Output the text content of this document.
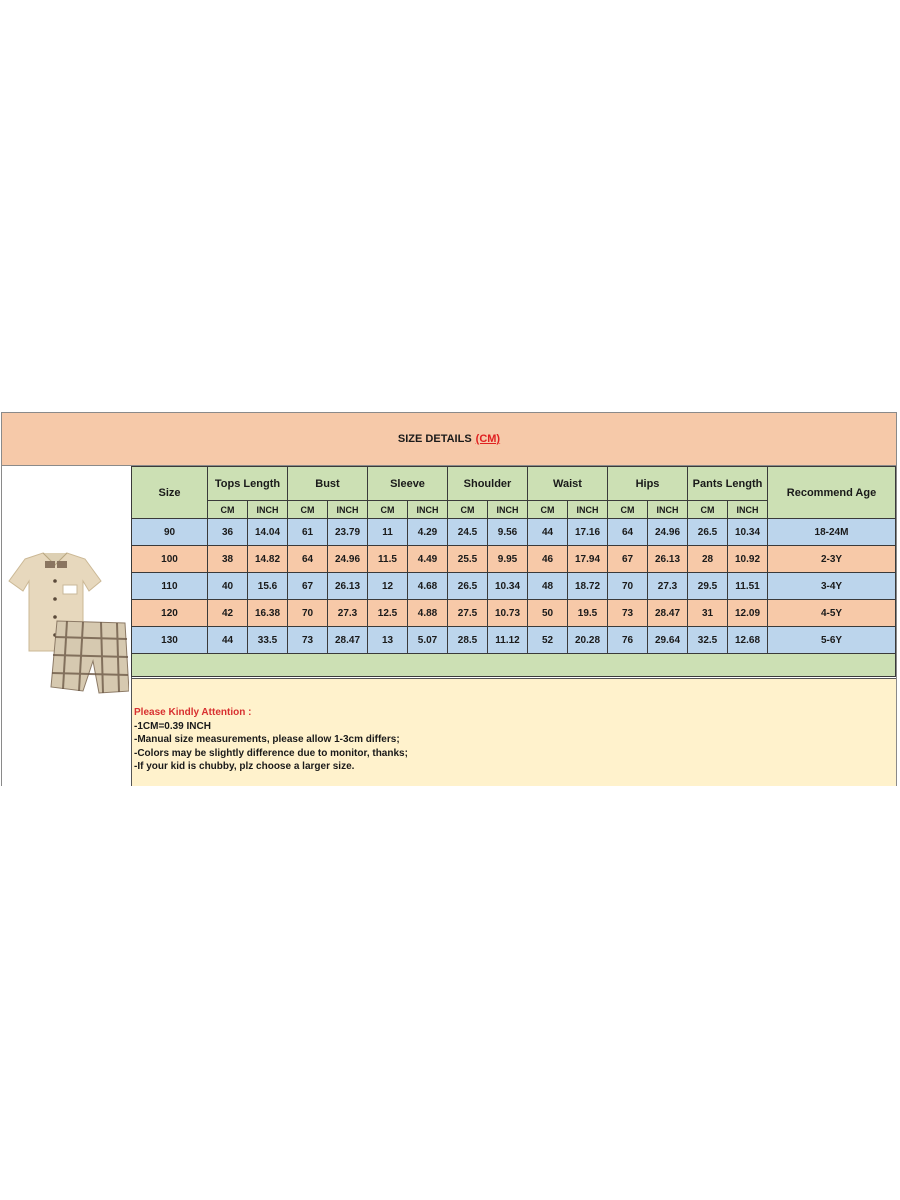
SIZE DETAILS (CM)
Size	Tops Length		Bust		Sleeve		Shoulder		Waist		Hips		Pants Length		Recommend Age
	CM	INCH	CM	INCH	CM	INCH	CM	INCH	CM	INCH	CM	INCH	CM	INCH	
90	36	14.04	61	23.79	11	4.29	24.5	9.56	44	17.16	64	24.96	26.5	10.34	18-24M
100	38	14.82	64	24.96	11.5	4.49	25.5	9.95	46	17.94	67	26.13	28	10.92	2-3Y
110	40	15.6	67	26.13	12	4.68	26.5	10.34	48	18.72	70	27.3	29.5	11.51	3-4Y
120	42	16.38	70	27.3	12.5	4.88	27.5	10.73	50	19.5	73	28.47	31	12.09	4-5Y
130	44	33.5	73	28.47	13	5.07	28.5	11.12	52	20.28	76	29.64	32.5	12.68	5-6Y

Please Kindly Attention :
-1CM=0.39 INCH
-Manual size measurements, please allow 1-3cm differs;
-Colors may be slightly difference due to monitor, thanks;
-If your kid is chubby, plz choose a larger size.
